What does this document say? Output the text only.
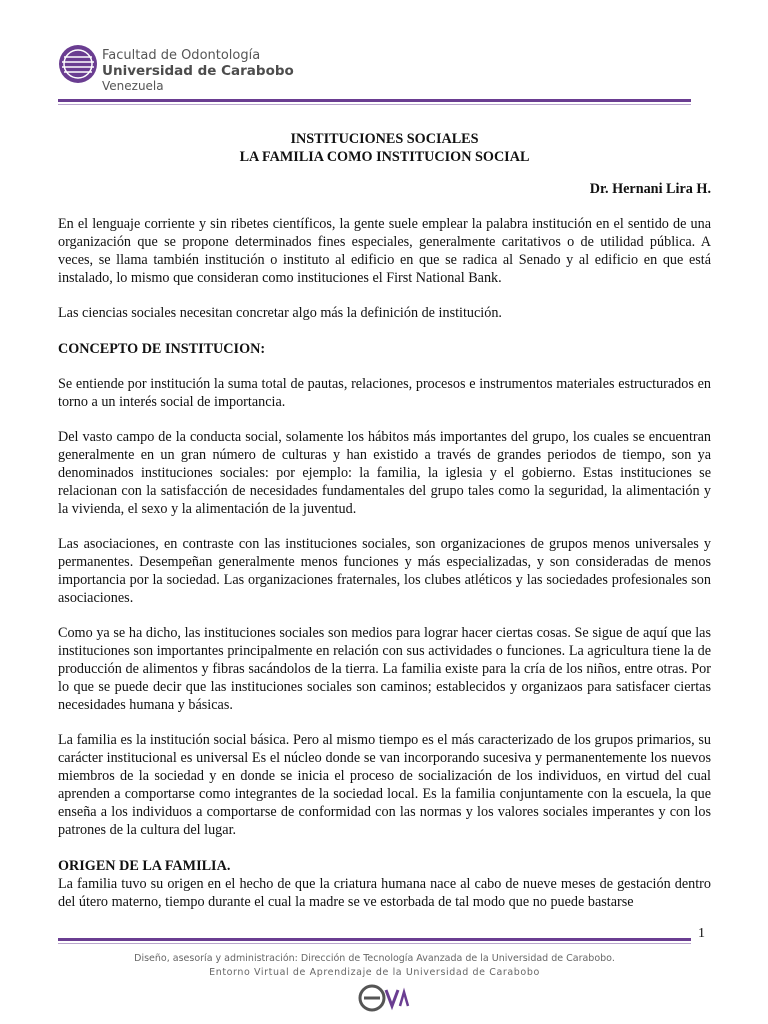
Facultad de Odontología
Universidad de Carabobo
Venezuela
INSTITUCIONES SOCIALES
LA FAMILIA COMO INSTITUCION SOCIAL
Dr. Hernani Lira H.

En el lenguaje corriente y sin ribetes científicos, la gente suele emplear la palabra institución en el sentido de una organización que se propone determinados fines especiales, generalmente caritativos o de utilidad pública. A veces, se llama también institución o instituto al edificio en que se radica al Senado y al edificio en que está instalado, lo mismo que consideran como instituciones el First National Bank.

Las ciencias sociales necesitan concretar algo más la definición de institución.

CONCEPTO DE INSTITUCION:

Se entiende por institución la suma total de pautas, relaciones, procesos e instrumentos materiales estructurados en torno a un interés social de importancia.

Del vasto campo de la conducta social, solamente los hábitos más importantes del grupo, los cuales se encuentran generalmente en un gran número de culturas y han existido a través de grandes periodos de tiempo, son ya denominados instituciones sociales: por ejemplo: la familia, la iglesia y el gobierno. Estas instituciones se relacionan con la satisfacción de necesidades fundamentales del grupo tales como la seguridad, la alimentación y la vivienda, el sexo y la alimentación de la juventud.

Las asociaciones, en contraste con las instituciones sociales, son organizaciones de grupos menos universales y permanentes. Desempeñan generalmente menos funciones y más especializadas, y son consideradas de menos importancia por la sociedad. Las organizaciones fraternales, los clubes atléticos y las sociedades profesionales son asociaciones.

Como ya se ha dicho, las instituciones sociales son medios para lograr hacer ciertas cosas. Se sigue de aquí que las instituciones son importantes principalmente en relación con sus actividades o funciones. La agricultura tiene la de producción de alimentos y fibras sacándolos de la tierra. La familia existe para la cría de los niños, entre otras. Por lo que se puede decir que las instituciones sociales son caminos; establecidos y organizaos para satisfacer ciertas necesidades humana y básicas.

La familia es la institución social básica. Pero al mismo tiempo es el más caracterizado de los grupos primarios, su carácter institucional es universal Es el núcleo donde se van incorporando sucesiva y permanentemente los nuevos miembros de la sociedad y en donde se inicia el proceso de socialización de los individuos, en virtud del cual aprenden a comportarse como integrantes de la sociedad local. Es la familia conjuntamente con la escuela, la que enseña a los individuos a comportarse de conformidad con las normas y los valores sociales imperantes y con los patrones de la cultura del lugar.

ORIGEN DE LA FAMILIA.

La familia tuvo su origen en el hecho de que la criatura humana nace al cabo de nueve meses de gestación dentro del útero materno, tiempo durante el cual la madre se ve estorbada de tal modo que no puede bastarse

1
Diseño, asesoría y administración: Dirección de Tecnología Avanzada de la Universidad de Carabobo.
Entorno Virtual de Aprendizaje de la Universidad de Carabobo
